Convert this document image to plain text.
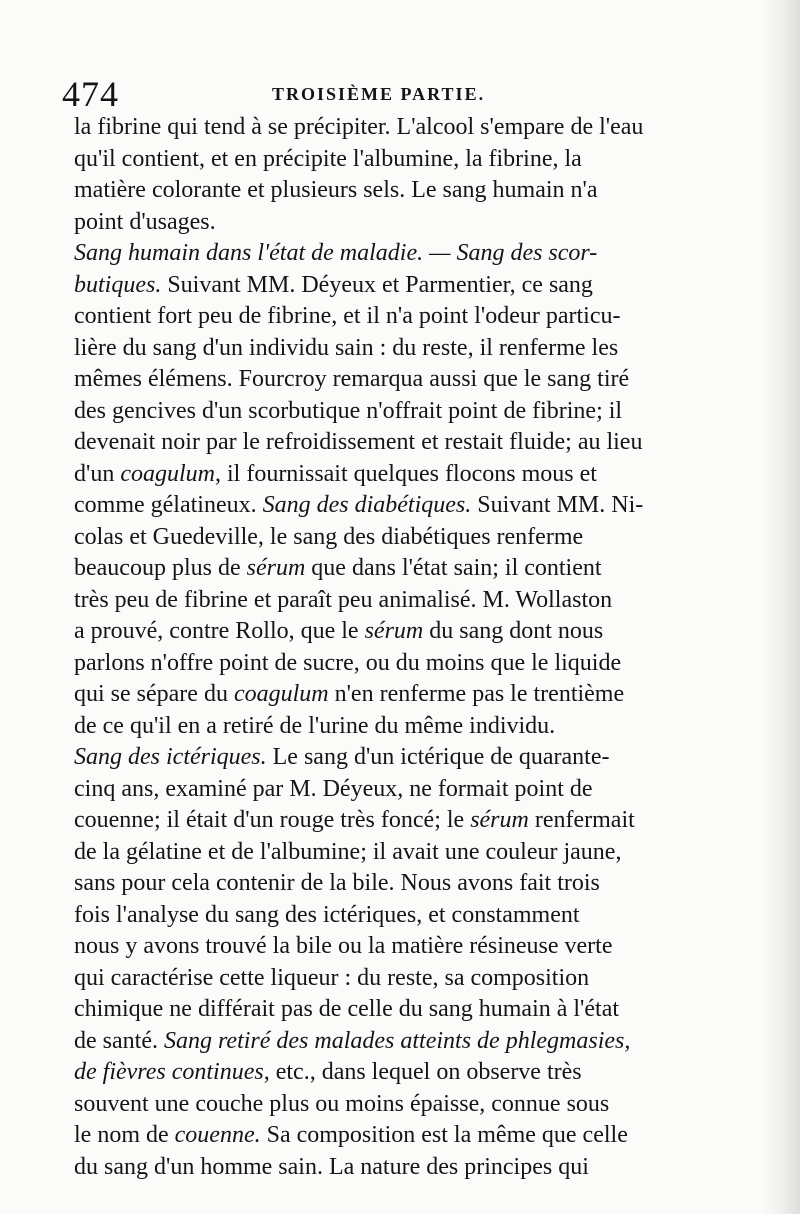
474	TROISIÈME PARTIE.
la fibrine qui tend à se précipiter. L'alcool s'empare de l'eau
qu'il contient, et en précipite l'albumine, la fibrine, la
matière colorante et plusieurs sels. Le sang humain n'a
point d'usages.
Sang humain dans l'état de maladie. — Sang des scor-
butiques. Suivant MM. Déyeux et Parmentier, ce sang
contient fort peu de fibrine, et il n'a point l'odeur particu-
lière du sang d'un individu sain : du reste, il renferme les
mêmes élémens. Fourcroy remarqua aussi que le sang tiré
des gencives d'un scorbutique n'offrait point de fibrine; il
devenait noir par le refroidissement et restait fluide; au lieu
d'un coagulum, il fournissait quelques flocons mous et
comme gélatineux. Sang des diabétiques. Suivant MM. Ni-
colas et Guedeville, le sang des diabétiques renferme
beaucoup plus de sérum que dans l'état sain; il contient
très peu de fibrine et paraît peu animalisé. M. Wollaston
a prouvé, contre Rollo, que le sérum du sang dont nous
parlons n'offre point de sucre, ou du moins que le liquide
qui se sépare du coagulum n'en renferme pas le trentième
de ce qu'il en a retiré de l'urine du même individu.
Sang des ictériques. Le sang d'un ictérique de quarante-
cinq ans, examiné par M. Déyeux, ne formait point de
couenne; il était d'un rouge très foncé; le sérum renfermait
de la gélatine et de l'albumine; il avait une couleur jaune,
sans pour cela contenir de la bile. Nous avons fait trois
fois l'analyse du sang des ictériques, et constamment
nous y avons trouvé la bile ou la matière résineuse verte
qui caractérise cette liqueur : du reste, sa composition
chimique ne différait pas de celle du sang humain à l'état
de santé. Sang retiré des malades atteints de phlegmasies,
de fièvres continues, etc., dans lequel on observe très
souvent une couche plus ou moins épaisse, connue sous
le nom de couenne. Sa composition est la même que celle
du sang d'un homme sain. La nature des principes qui
